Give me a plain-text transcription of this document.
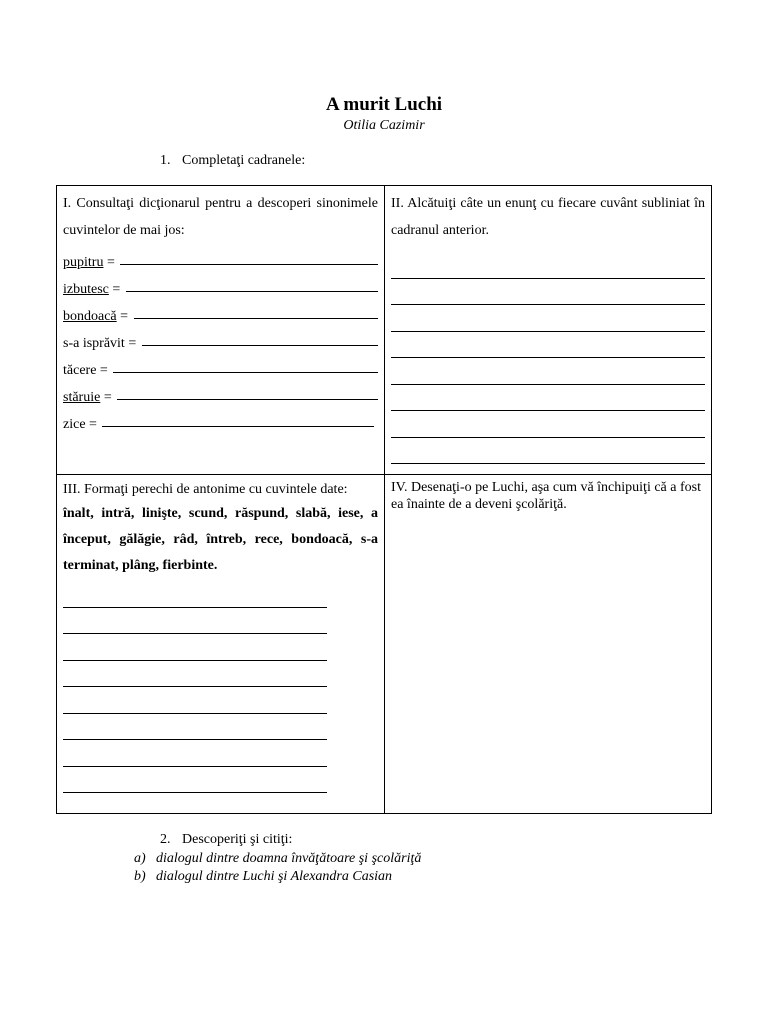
A murit Luchi
Otilia Cazimir
1. Completaţi cadranele:
I. Consultaţi dicţionarul pentru a descoperi sinonimele cuvintelor de mai jos:
pupitru =
izbutesc =
bondoacă =
s-a isprăvit =
tăcere =
stăruie =
zice =
II. Alcătuiţi câte un enunţ cu fiecare cuvânt subliniat în cadranul anterior.
III. Formaţi perechi de antonime cu cuvintele date:
înalt, intră, linişte, scund, răspund, slabă, iese, a început, gălăgie, râd, întreb, rece, bondoacă, s-a terminat, plâng, fierbinte.
IV. Desenaţi-o pe Luchi, aşa cum vă închipuiţi că a fost ea înainte de a deveni şcolăriţă.
2. Descoperiţi şi citiţi:
a) dialogul dintre doamna învăţătoare şi şcolăriţă
b) dialogul dintre Luchi şi Alexandra Casian
